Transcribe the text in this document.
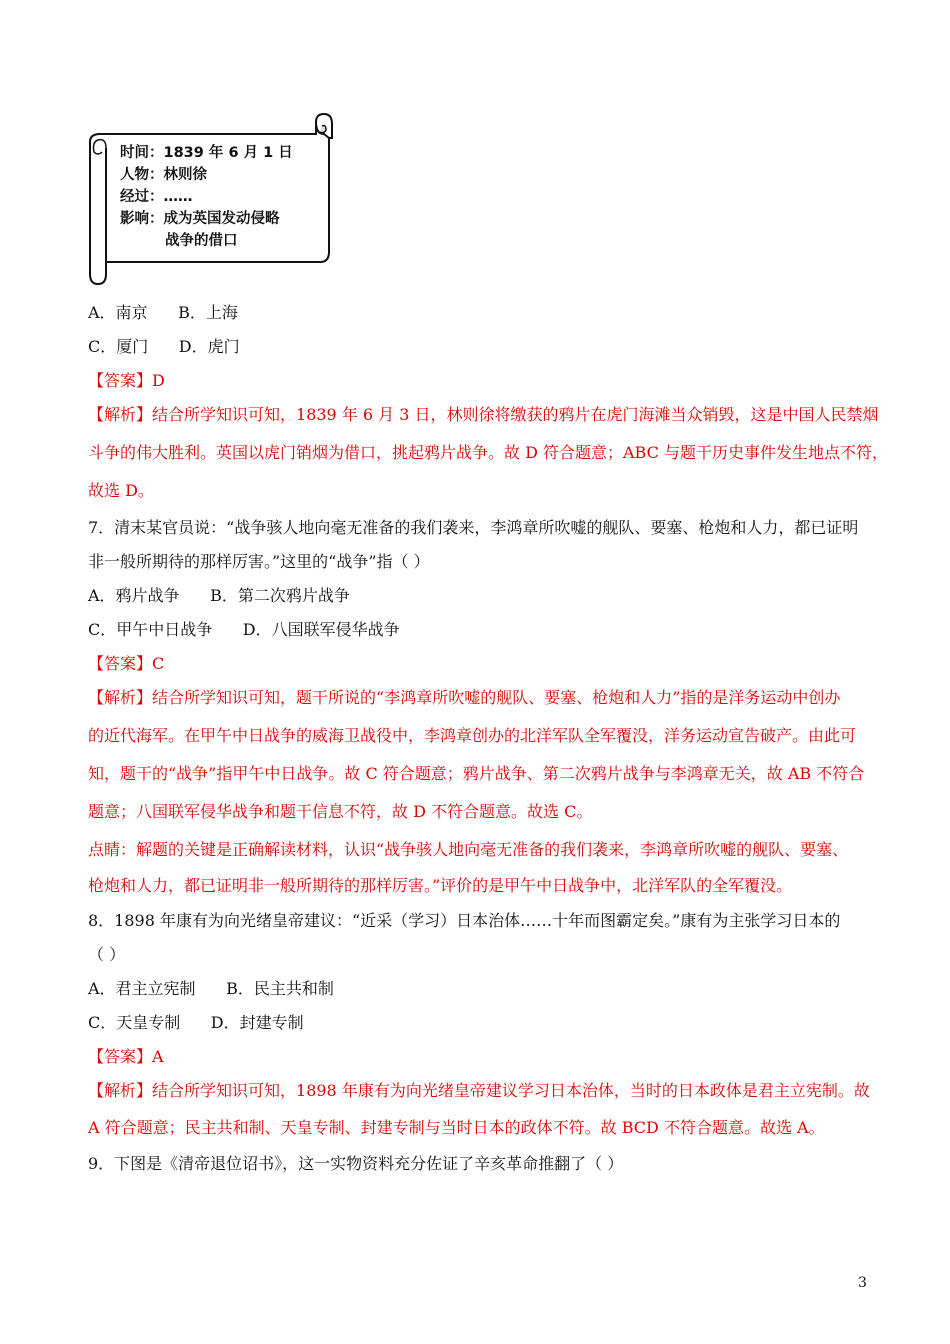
时间：1839 年 6 月 1 日
人物：林则徐
经过：……
影响：成为英国发动侵略
战争的借口
A．南京      B．上海
C．厦门      D．虎门
【答案】D
【解析】结合所学知识可知，1839 年 6 月 3 日，林则徐将缴获的鸦片在虎门海滩当众销毁，这是中国人民禁烟
斗争的伟大胜利。英国以虎门销烟为借口，挑起鸦片战争。故 D 符合题意；ABC 与题干历史事件发生地点不符，
故选 D。
7．清末某官员说：“战争骇人地向毫无准备的我们袭来，李鸿章所吹嘘的舰队、要塞、枪炮和人力，都已证明
非一般所期待的那样厉害。”这里的“战争”指（ ）
A．鸦片战争      B．第二次鸦片战争
C．甲午中日战争      D．八国联军侵华战争
【答案】C
【解析】结合所学知识可知，题干所说的“李鸿章所吹嘘的舰队、要塞、枪炮和人力”指的是洋务运动中创办
的近代海军。在甲午中日战争的威海卫战役中，李鸿章创办的北洋军队全军覆没，洋务运动宣告破产。由此可
知，题干的“战争”指甲午中日战争。故 C 符合题意；鸦片战争、第二次鸦片战争与李鸿章无关，故 AB 不符合
题意；八国联军侵华战争和题干信息不符，故 D 不符合题意。故选 C。
点睛：解题的关键是正确解读材料，认识“战争骇人地向毫无准备的我们袭来，李鸿章所吹嘘的舰队、要塞、
枪炮和人力，都已证明非一般所期待的那样厉害。”评价的是甲午中日战争中，北洋军队的全军覆没。
8．1898 年康有为向光绪皇帝建议：“近采（学习）日本治体……十年而图霸定矣。”康有为主张学习日本的
（ ）
A．君主立宪制      B．民主共和制
C．天皇专制      D．封建专制
【答案】A
【解析】结合所学知识可知，1898 年康有为向光绪皇帝建议学习日本治体，当时的日本政体是君主立宪制。故
A 符合题意；民主共和制、天皇专制、封建专制与当时日本的政体不符。故 BCD 不符合题意。故选 A。
9．下图是《清帝退位诏书》，这一实物资料充分佐证了辛亥革命推翻了（ ）
3
